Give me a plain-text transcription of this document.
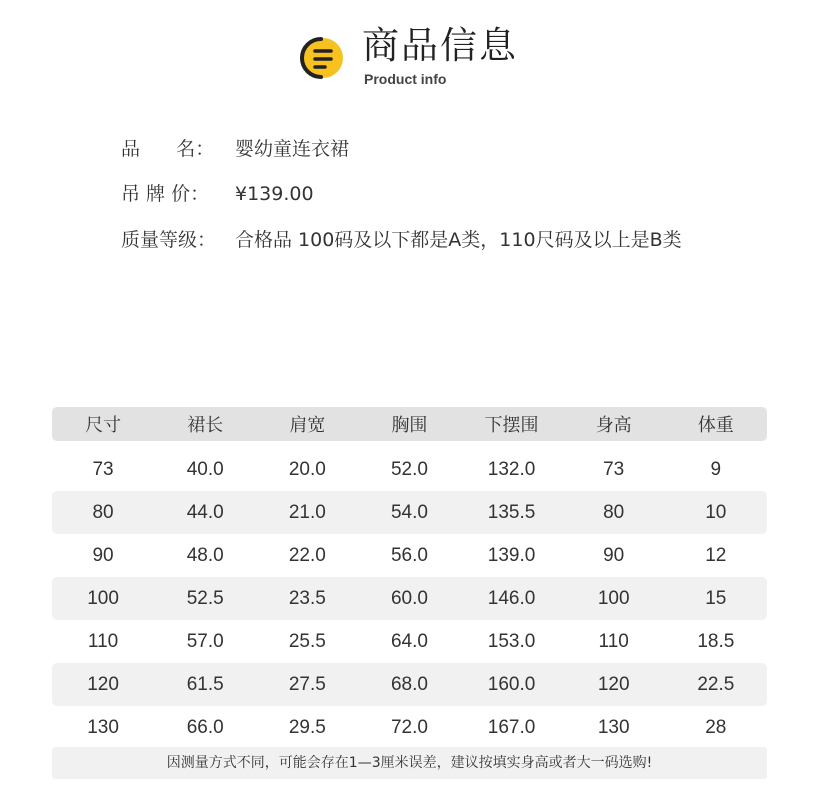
商品信息
Product info
品      名： 婴幼童连衣裙
吊 牌 价： ¥139.00
质量等级： 合格品 100码及以下都是A类，110尺码及以上是B类
尺寸	裙长	肩宽	胸围	下摆围	身高	体重
73	40.0	20.0	52.0	132.0	73	9
80	44.0	21.0	54.0	135.5	80	10
90	48.0	22.0	56.0	139.0	90	12
100	52.5	23.5	60.0	146.0	100	15
110	57.0	25.5	64.0	153.0	110	18.5
120	61.5	27.5	68.0	160.0	120	22.5
130	66.0	29.5	72.0	167.0	130	28
因测量方式不同，可能会存在1—3厘米误差，建议按填实身高或者大一码选购!
